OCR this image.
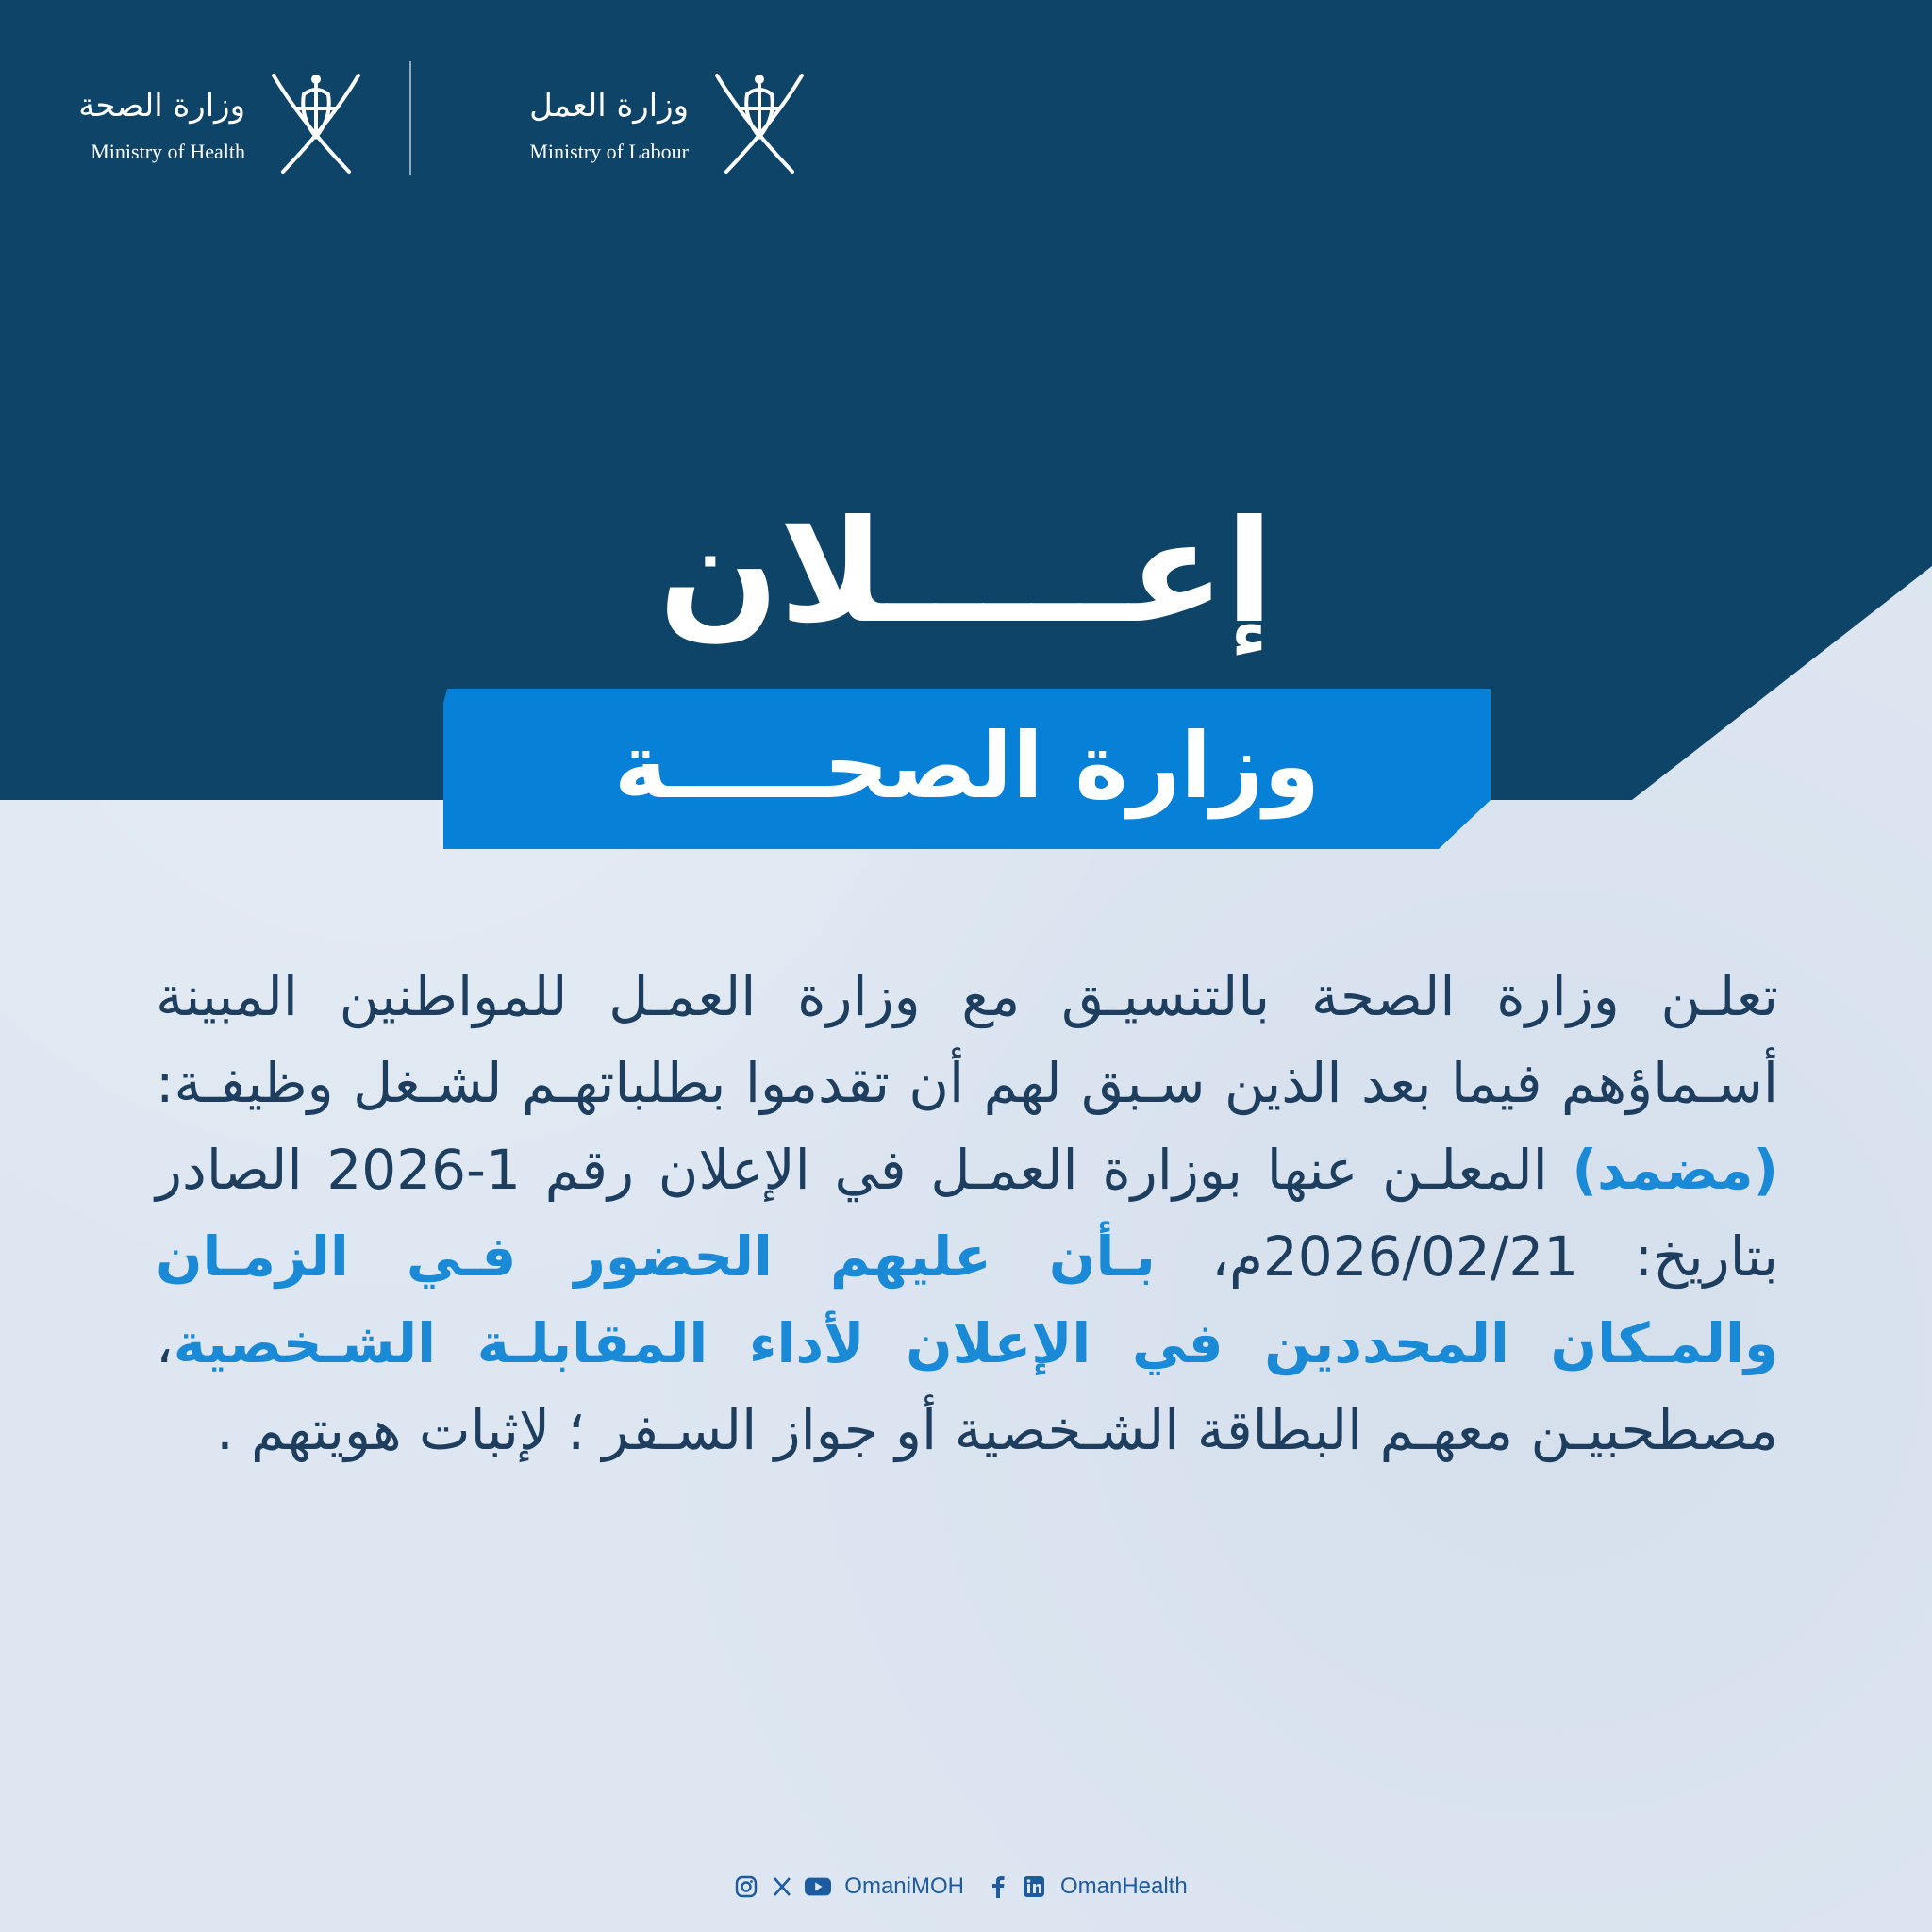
وزارة الصحة
Ministry of Health
وزارة العمل
Ministry of Labour
إعـــــلان
وزارة الصحـــــة
تعلـن وزارة الصحة بالتنسيـق مع وزارة العمـل للمواطنين المبينة أسـماؤهم فيما بعد الذين سـبق لهم أن تقدموا بطلباتهـم لشـغل وظيفـة: (مضمد) المعلـن عنها بوزارة العمـل في الإعلان رقم 1-2026 الصادر بتاريخ: 2026/02/21م، بـأن عليهم الحضور فـي الزمـان والمـكان المحددين في الإعلان لأداء المقابلـة الشـخصية، مصطحبيـن معهـم البطاقة الشـخصية أو جواز السـفر ؛ لإثبات هويتهم .
OmaniMOH	OmanHealth
